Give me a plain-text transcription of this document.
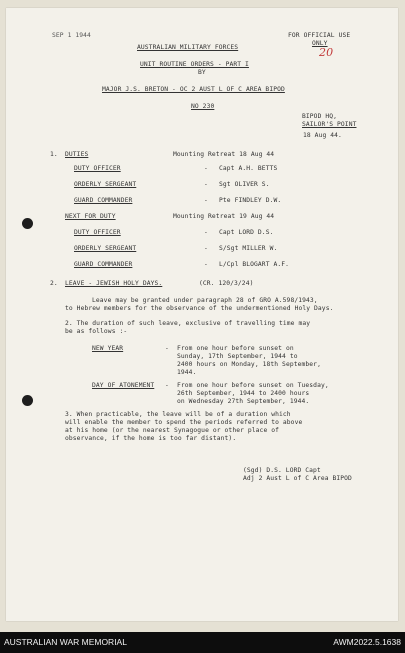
SEP 1 1944	FOR OFFICIAL USE
ONLY
20
AUSTRALIAN MILITARY FORCES
UNIT ROUTINE ORDERS - PART I
BY
MAJOR J.S. BRETON - OC 2 AUST L OF C AREA BIPOD
NO 230
BIPOD HQ,
SAILOR'S POINT
18 Aug 44.
1. DUTIES	Mounting Retreat 18 Aug 44
DUTY OFFICER	- Capt A.H. BETTS
ORDERLY SERGEANT	- Sgt OLIVER S.
GUARD COMMANDER	- Pte FINDLEY D.W.
NEXT FOR DUTY	Mounting Retreat 19 Aug 44
DUTY OFFICER	- Capt LORD D.S.
ORDERLY SERGEANT	- S/Sgt MILLER W.
GUARD COMMANDER	- L/Cpl BLOGART A.F.
2. LEAVE - JEWISH HOLY DAYS.	(CR. 120/3/24)
Leave may be granted under paragraph 28 of GRO A.598/1943,
to Hebrew members for the observance of the undermentioned Holy Days.
2. The duration of such leave, exclusive of travelling time may
be as follows :-
NEW YEAR	- From one hour before sunset on
Sunday, 17th September, 1944 to
2400 hours on Monday, 18th September,
1944.
DAY OF ATONEMENT - From one hour before sunset on Tuesday,
26th September, 1944 to 2400 hours
on Wednesday 27th September, 1944.
3. When practicable, the leave will be of a duration which
will enable the member to spend the periods referred to above
at his home (or the nearest Synagogue or other place of
observance, if the home is too far distant).
(Sgd) D.S. LORD Capt
Adj 2 Aust L of C Area BIPOD
AUSTRALIAN WAR MEMORIAL	AWM2022.5.1638
